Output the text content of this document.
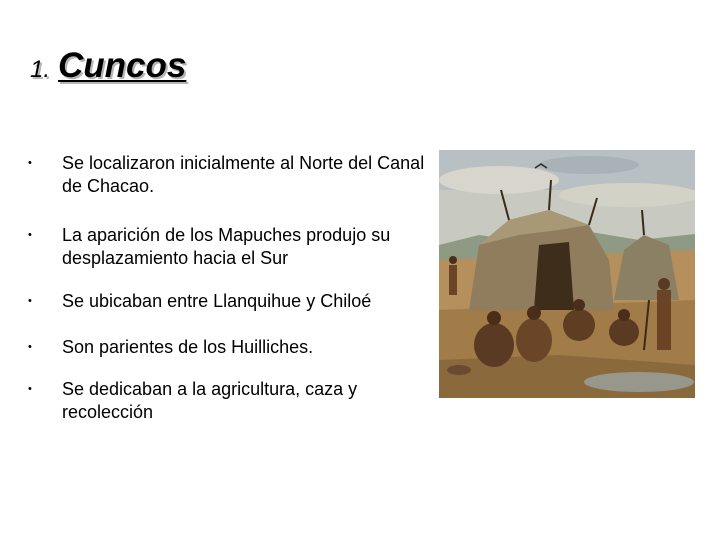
1. Cuncos
•	Se localizaron inicialmente al Norte del Canal de Chacao.
•	La aparición de los Mapuches produjo su desplazamiento hacia el Sur
•	Se ubicaban entre Llanquihue y Chiloé
•	Son parientes de los Huilliches.
•	Se dedicaban a la agricultura, caza y recolección
